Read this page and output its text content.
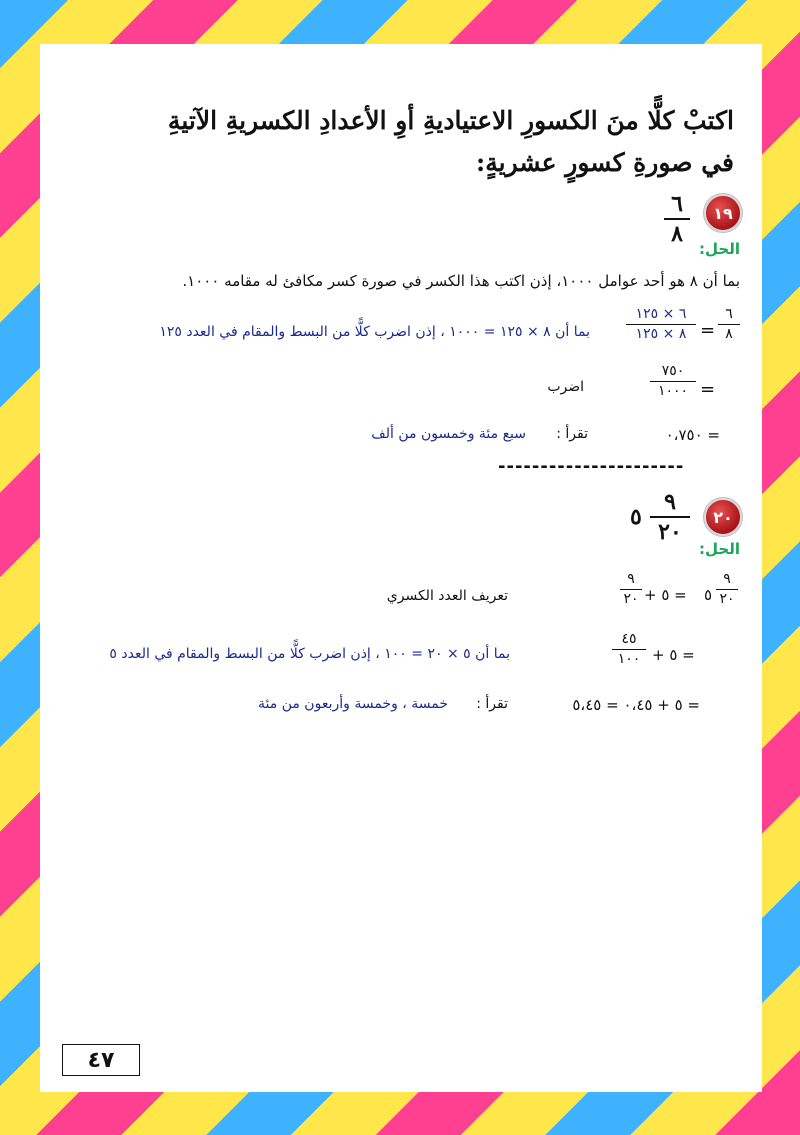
اكتبْ كلًّا منَ الكسورِ الاعتياديةِ أوِ الأعدادِ الكسريةِ الآتيةِ
في صورةِ كسورٍ عشريةٍ:
١٩
٦
٨
الحل:
بما أن ٨ هو أحد عوامل ١٠٠٠، إذن اكتب هذا الكسر في صورة كسر مكافئ له مقامه ١٠٠٠.
٦
٨
=
٦ × ١٢٥
٨ × ١٢٥
بما أن ٨ × ١٢٥ = ١٠٠٠ ، إذن اضرب كلًّا من البسط والمقام في العدد ١٢٥
=
٧٥٠
١٠٠٠
اضرب
= ٠،٧٥٠
تقرأ :
سبع مئة وخمسون من ألف
----------------------
٢٠
٩
٢٠
٥
الحل:
٩
٢٠
٥
= ٥ +
٩
٢٠
تعريف العدد الكسري
= ٥ +
٤٥
١٠٠
بما أن ٥ × ٢٠ = ١٠٠ ، إذن اضرب كلًّا من البسط والمقام في العدد ٥
= ٥ + ٠،٤٥ = ٥،٤٥
تقرأ :
خمسة ، وخمسة وأربعون من مئة
٤٧
